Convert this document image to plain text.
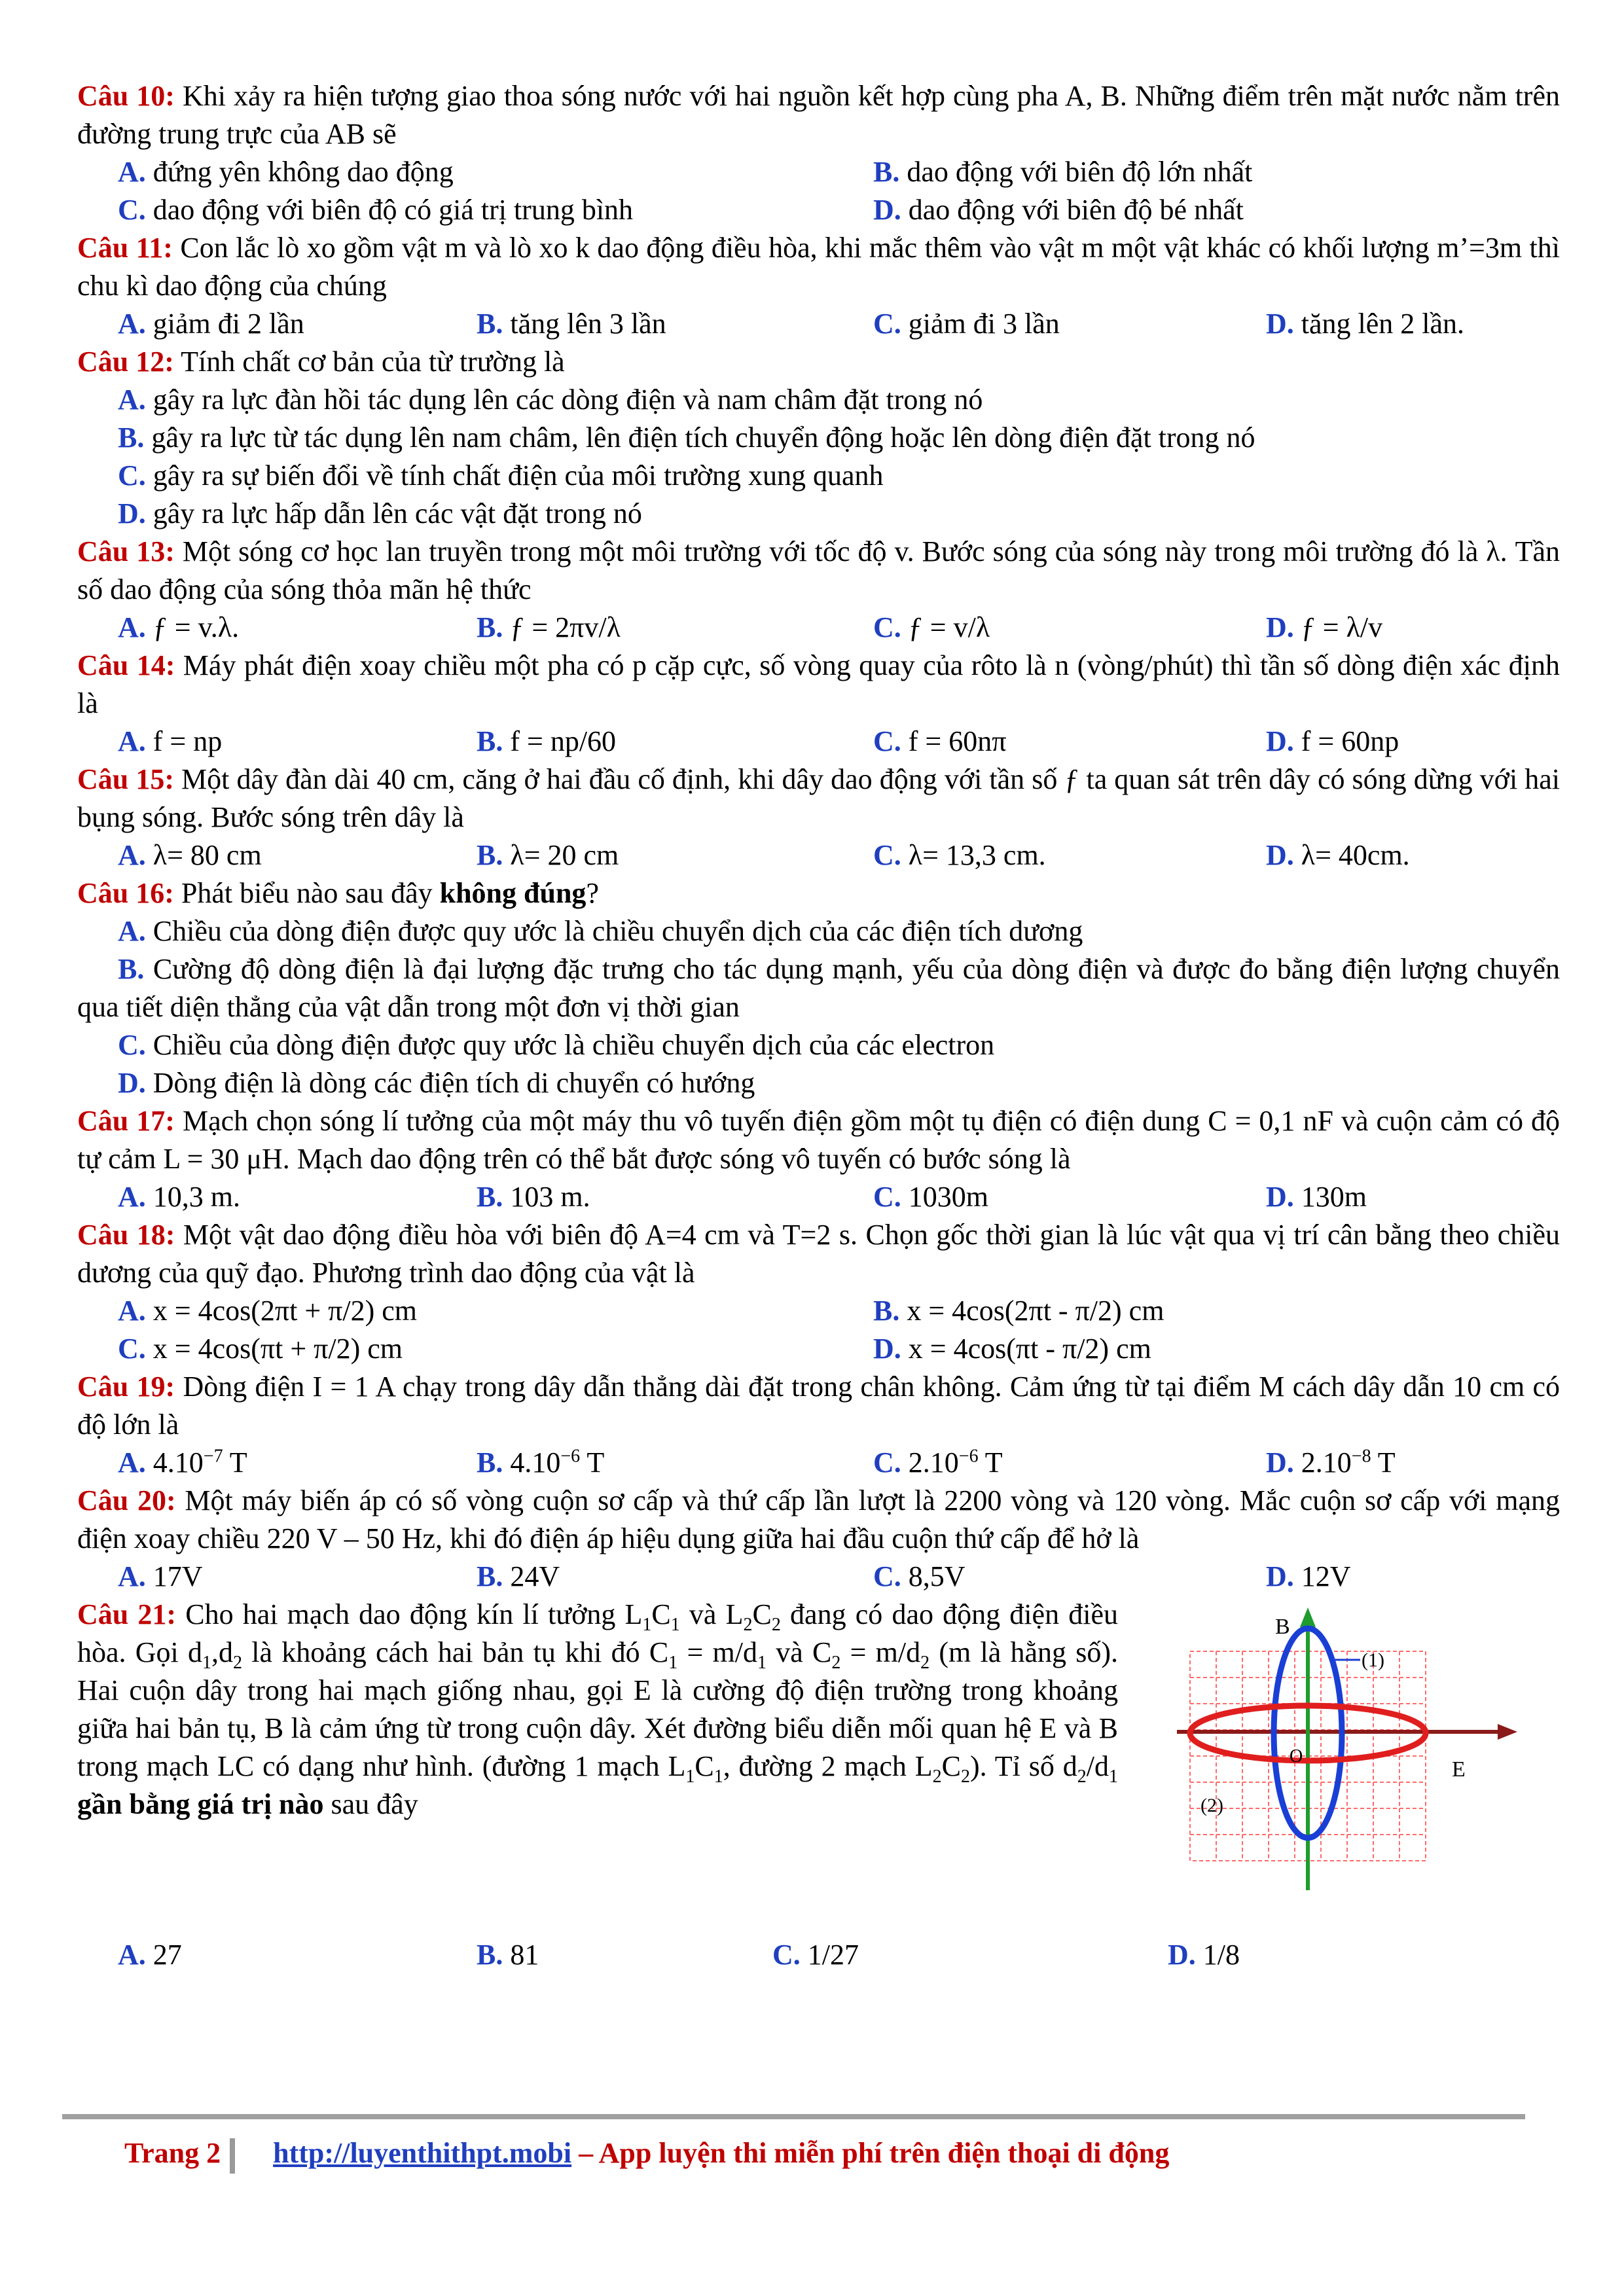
Câu 10: Khi xảy ra hiện tượng giao thoa sóng nước với hai nguồn kết hợp cùng pha A, B. Những điểm trên mặt nước nằm trên đường trung trực của AB sẽ
A. đứng yên không dao động	B. dao động với biên độ lớn nhất
C. dao động với biên độ có giá trị trung bình	D. dao động với biên độ bé nhất
Câu 11: Con lắc lò xo gồm vật m và lò xo k dao động điều hòa, khi mắc thêm vào vật m một vật khác có khối lượng m’=3m thì chu kì dao động của chúng
A. giảm đi 2 lần	B. tăng lên 3 lần	C. giảm đi 3 lần	D. tăng lên 2 lần.
Câu 12: Tính chất cơ bản của từ trường là
A. gây ra lực đàn hồi tác dụng lên các dòng điện và nam châm đặt trong nó
B. gây ra lực từ tác dụng lên nam châm, lên điện tích chuyển động hoặc lên dòng điện đặt trong nó
C. gây ra sự biến đổi về tính chất điện của môi trường xung quanh
D. gây ra lực hấp dẫn lên các vật đặt trong nó
Câu 13: Một sóng cơ học lan truyền trong một môi trường với tốc độ v. Bước sóng của sóng này trong môi trường đó là λ. Tần số dao động của sóng thỏa mãn hệ thức
A. ƒ = v.λ.	B. ƒ = 2πv/λ	C. ƒ = v/λ	D. ƒ = λ/v
Câu 14: Máy phát điện xoay chiều một pha có p cặp cực, số vòng quay của rôto là n (vòng/phút) thì tần số dòng điện xác định là
A. f = np	B. f = np/60	C. f = 60nπ	D. f = 60np
Câu 15: Một dây đàn dài 40 cm, căng ở hai đầu cố định, khi dây dao động với tần số ƒ ta quan sát trên dây có sóng dừng với hai bụng sóng. Bước sóng trên dây là
A. λ= 80 cm	B. λ= 20 cm	C. λ= 13,3 cm.	D. λ= 40cm.
Câu 16: Phát biểu nào sau đây không đúng?
A. Chiều của dòng điện được quy ước là chiều chuyển dịch của các điện tích dương
B. Cường độ dòng điện là đại lượng đặc trưng cho tác dụng mạnh, yếu của dòng điện và được đo bằng điện lượng chuyển qua tiết diện thẳng của vật dẫn trong một đơn vị thời gian
C. Chiều của dòng điện được quy ước là chiều chuyển dịch của các electron
D. Dòng điện là dòng các điện tích di chuyển có hướng
Câu 17: Mạch chọn sóng lí tưởng của một máy thu vô tuyến điện gồm một tụ điện có điện dung C = 0,1 nF và cuộn cảm có độ tự cảm L = 30 μH. Mạch dao động trên có thể bắt được sóng vô tuyến có bước sóng là
A. 10,3 m.	B. 103 m.	C. 1030m	D. 130m
Câu 18: Một vật dao động điều hòa với biên độ A=4 cm và T=2 s. Chọn gốc thời gian là lúc vật qua vị trí cân bằng theo chiều dương của quỹ đạo. Phương trình dao động của vật là
A. x = 4cos(2πt + π/2) cm	B. x = 4cos(2πt - π/2) cm
C. x = 4cos(πt + π/2) cm	D. x = 4cos(πt - π/2) cm
Câu 19: Dòng điện I = 1 A chạy trong dây dẫn thẳng dài đặt trong chân không. Cảm ứng từ tại điểm M cách dây dẫn 10 cm có độ lớn là
A. $4.10^{-7}$ T	B. $4.10^{-6}$ T	C. $2.10^{-6}$ T	D. $2.10^{-8}$ T
Câu 20: Một máy biến áp có số vòng cuộn sơ cấp và thứ cấp lần lượt là 2200 vòng và 120 vòng. Mắc cuộn sơ cấp với mạng điện xoay chiều 220 V – 50 Hz, khi đó điện áp hiệu dụng giữa hai đầu cuộn thứ cấp để hở là
A. 17V	B. 24V	C. 8,5V	D. 12V
Câu 21: Cho hai mạch dao động kín lí tưởng $L_1C_1$ và $L_2C_2$ đang có dao động điện điều hòa. Gọi $d_1,d_2$ là khoảng cách hai bản tụ khi đó $C_1 = m/d_1$ và $C_2 = m/d_2$ (m là hằng số). Hai cuộn dây trong hai mạch giống nhau, gọi E là cường độ điện trường trong khoảng giữa hai bản tụ, B là cảm ứng từ trong cuộn dây. Xét đường biểu diễn mối quan hệ E và B trong mạch LC có dạng như hình. (đường 1 mạch $L_1C_1$, đường 2 mạch $L_2C_2$). Tỉ số $d_2/d_1$ gần bằng giá trị nào sau đây
(1)
(2)
B
E
O
A. 27	B. 81	C. 1/27	D. 1/8
Trang 2 http://luyenthithpt.mobi – App luyện thi miễn phí trên điện thoại di động
